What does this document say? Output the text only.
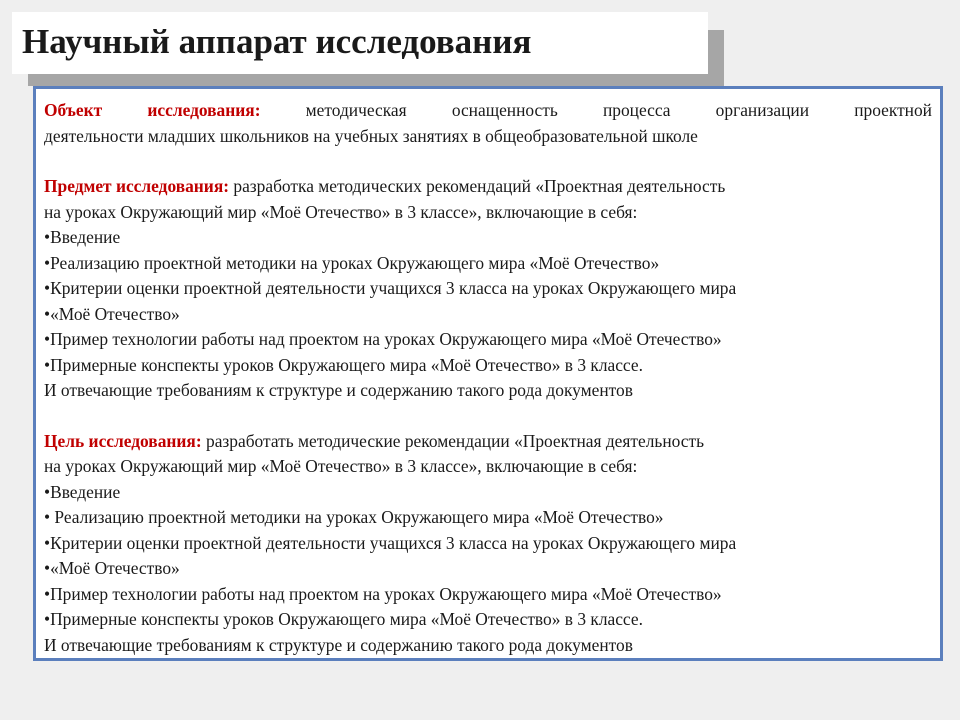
Научный аппарат исследования
Объект исследования:	методическая оснащенность процесса организации проектной
деятельности младших школьников на учебных занятиях в общеобразовательной школе
Предмет исследования: разработка методических рекомендаций «Проектная деятельность
на уроках Окружающий мир «Моё Отечество» в 3 классе», включающие в себя:
•Введение
•Реализацию проектной методики на уроках Окружающего мира «Моё Отечество»
•Критерии оценки проектной деятельности учащихся 3 класса на уроках Окружающего мира
•«Моё Отечество»
•Пример технологии работы над проектом на уроках Окружающего мира «Моё Отечество»
•Примерные конспекты уроков Окружающего мира «Моё Отечество» в 3 классе.
И отвечающие требованиям к структуре и содержанию такого рода документов
Цель исследования: разработать методические рекомендации «Проектная деятельность
на уроках Окружающий мир «Моё Отечество» в 3 классе», включающие в себя:
•Введение
• Реализацию проектной методики на уроках Окружающего мира «Моё Отечество»
•Критерии оценки проектной деятельности учащихся 3 класса на уроках Окружающего мира
•«Моё Отечество»
•Пример технологии работы над проектом на уроках Окружающего мира «Моё Отечество»
•Примерные конспекты уроков Окружающего мира «Моё Отечество» в 3 классе.
И отвечающие требованиям к структуре и содержанию такого рода документов
